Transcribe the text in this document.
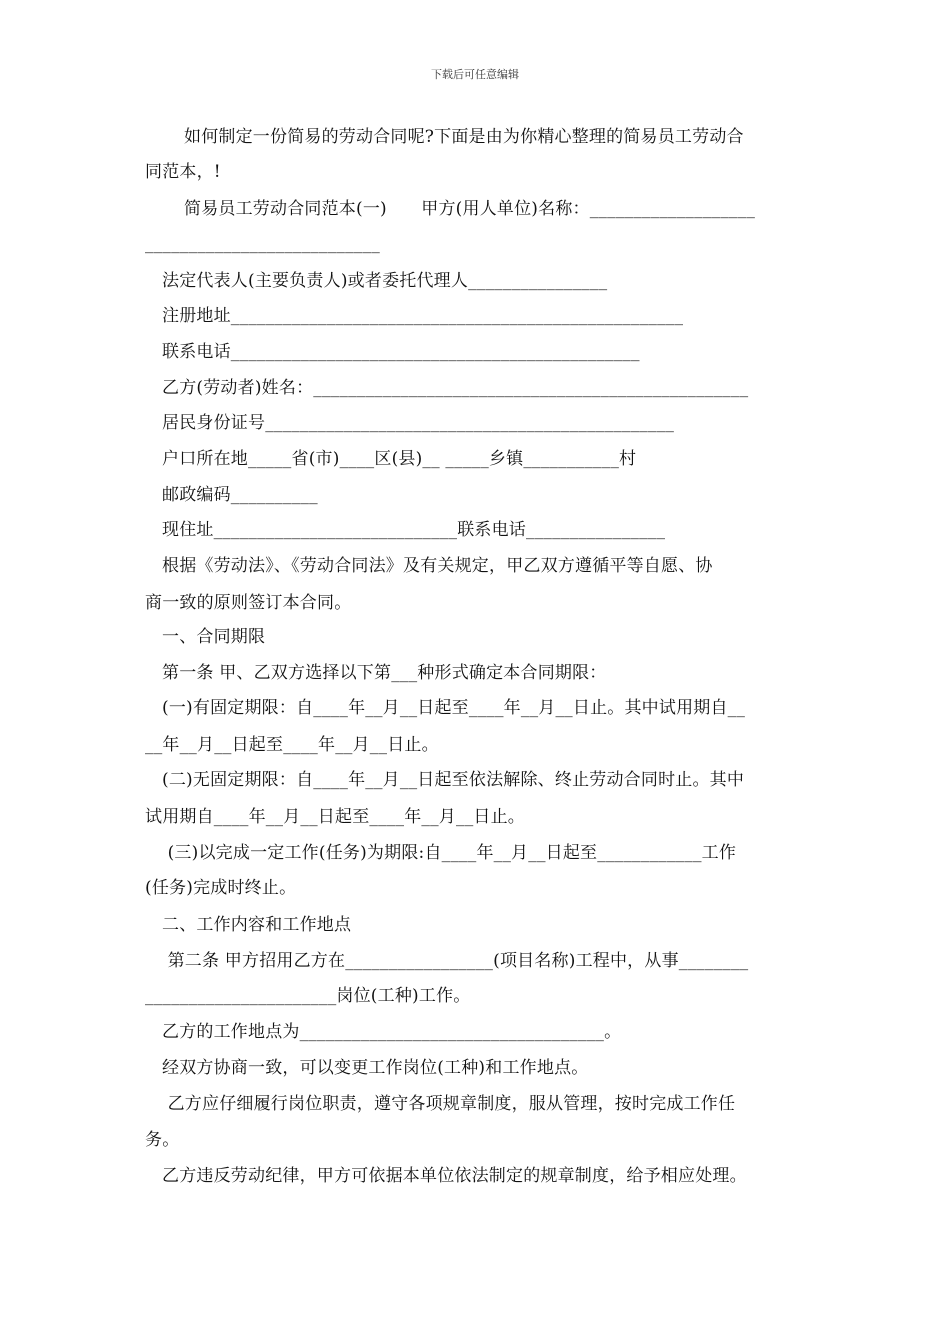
下载后可任意编辑
如何制定一份简易的劳动合同呢?下面是由为你精心整理的简易员工劳动合
同范本，!
简易员工劳动合同范本(一)　　甲方(用人单位)名称：___________________
___________________________
法定代表人(主要负责人)或者委托代理人________________
注册地址____________________________________________________
联系电话_______________________________________________
乙方(劳动者)姓名：__________________________________________________
居民身份证号_______________________________________________
户口所在地_____省(市)____区(县)__ _____乡镇___________村
邮政编码__________
现住址____________________________联系电话________________
根据《劳动法》、《劳动合同法》及有关规定，甲乙双方遵循平等自愿、协
商一致的原则签订本合同。
一、合同期限
第一条 甲、乙双方选择以下第___种形式确定本合同期限：
(一)有固定期限：自____年__月__日起至____年__月__日止。其中试用期自__
__年__月__日起至____年__月__日止。
(二)无固定期限：自____年__月__日起至依法解除、终止劳动合同时止。其中
试用期自____年__月__日起至____年__月__日止。
(三)以完成一定工作(任务)为期限:自____年__月__日起至____________工作
(任务)完成时终止。
二、工作内容和工作地点
第二条 甲方招用乙方在_________________(项目名称)工程中，从事________
______________________岗位(工种)工作。
乙方的工作地点为___________________________________。
经双方协商一致，可以变更工作岗位(工种)和工作地点。
乙方应仔细履行岗位职责，遵守各项规章制度，服从管理，按时完成工作任
务。
乙方违反劳动纪律，甲方可依据本单位依法制定的规章制度，给予相应处理。
